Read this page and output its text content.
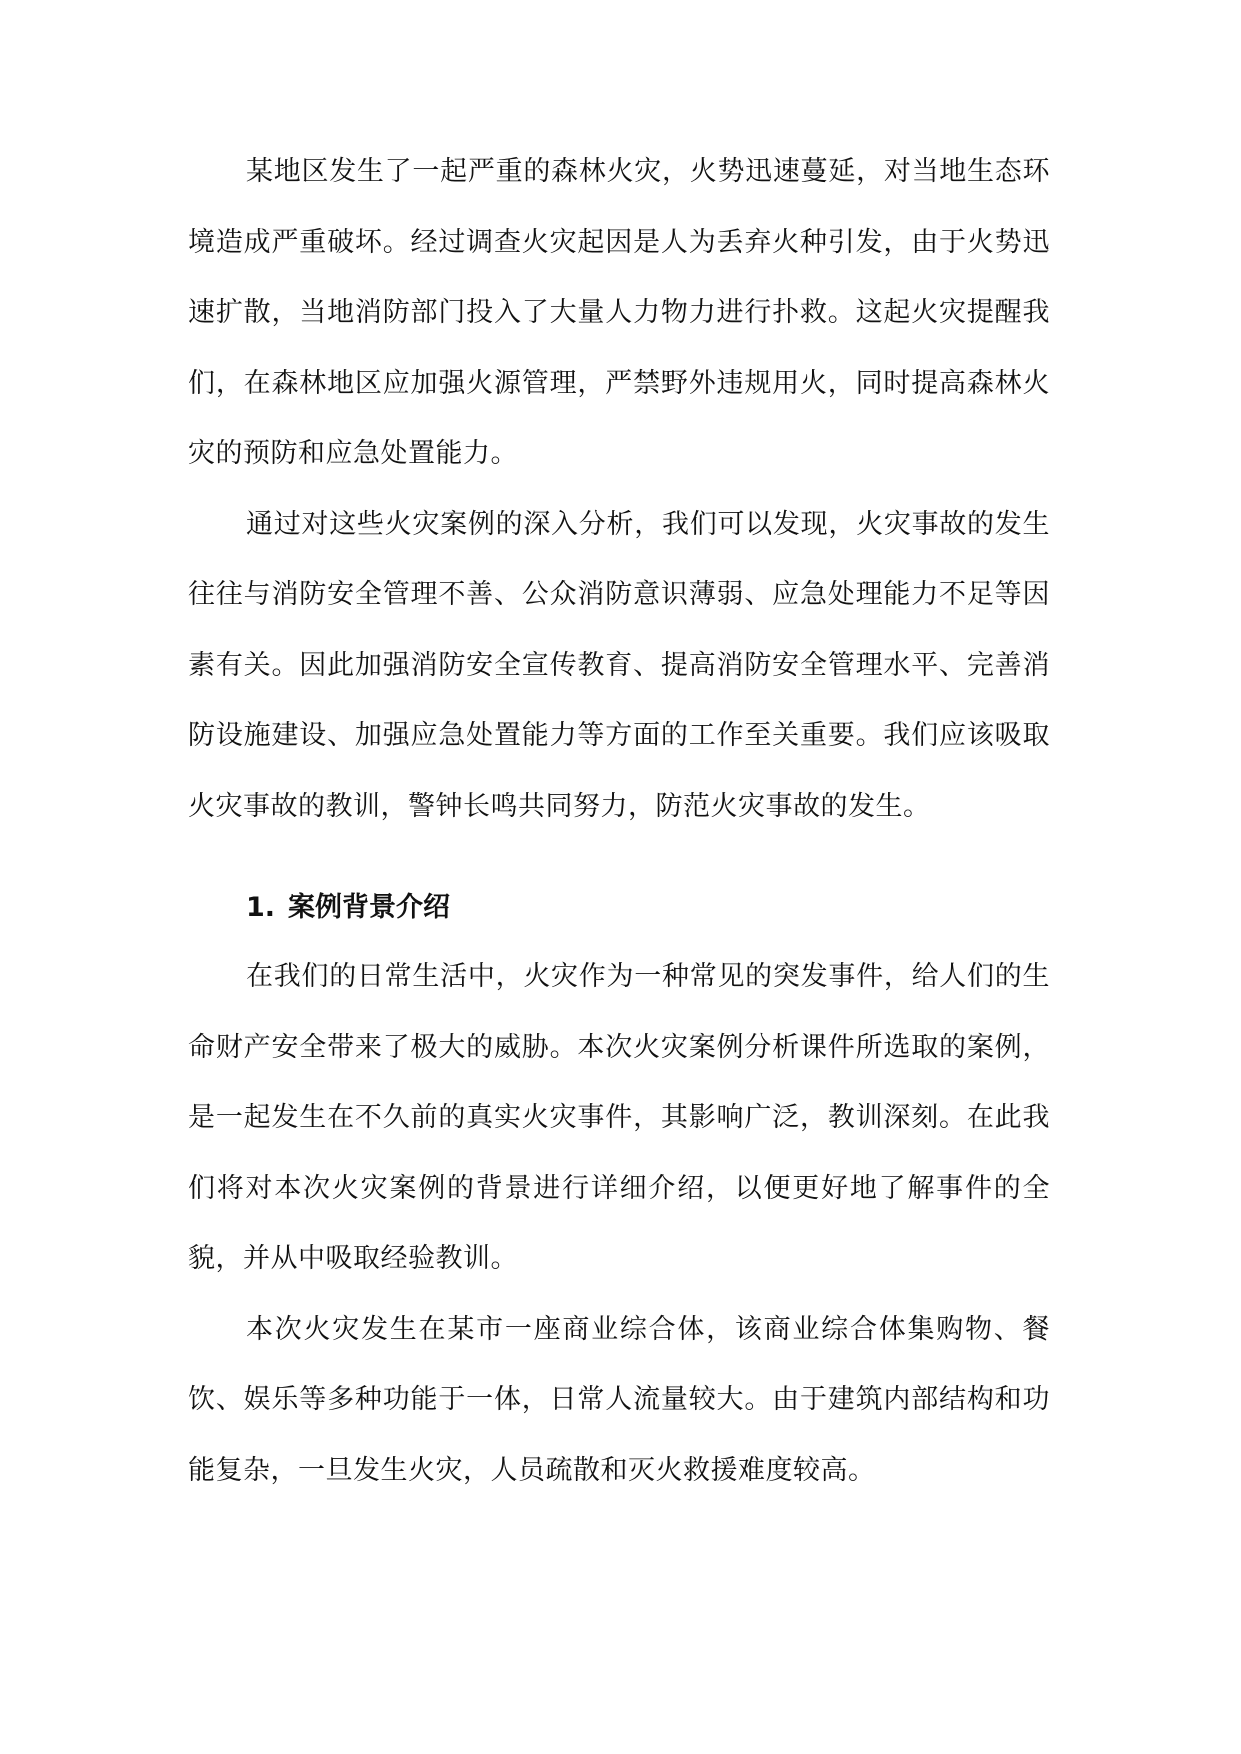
某地区发生了一起严重的森林火灾，火势迅速蔓延，对当地生态环境造成严重破坏。经过调查火灾起因是人为丢弃火种引发，由于火势迅速扩散，当地消防部门投入了大量人力物力进行扑救。这起火灾提醒我们，在森林地区应加强火源管理，严禁野外违规用火，同时提高森林火灾的预防和应急处置能力。

通过对这些火灾案例的深入分析，我们可以发现，火灾事故的发生往往与消防安全管理不善、公众消防意识薄弱、应急处理能力不足等因素有关。因此加强消防安全宣传教育、提高消防安全管理水平、完善消防设施建设、加强应急处置能力等方面的工作至关重要。我们应该吸取火灾事故的教训，警钟长鸣共同努力，防范火灾事故的发生。

1. 案例背景介绍

在我们的日常生活中，火灾作为一种常见的突发事件，给人们的生命财产安全带来了极大的威胁。本次火灾案例分析课件所选取的案例，是一起发生在不久前的真实火灾事件，其影响广泛，教训深刻。在此我们将对本次火灾案例的背景进行详细介绍，以便更好地了解事件的全貌，并从中吸取经验教训。

本次火灾发生在某市一座商业综合体，该商业综合体集购物、餐饮、娱乐等多种功能于一体，日常人流量较大。由于建筑内部结构和功能复杂，一旦发生火灾，人员疏散和灭火救援难度较高。
